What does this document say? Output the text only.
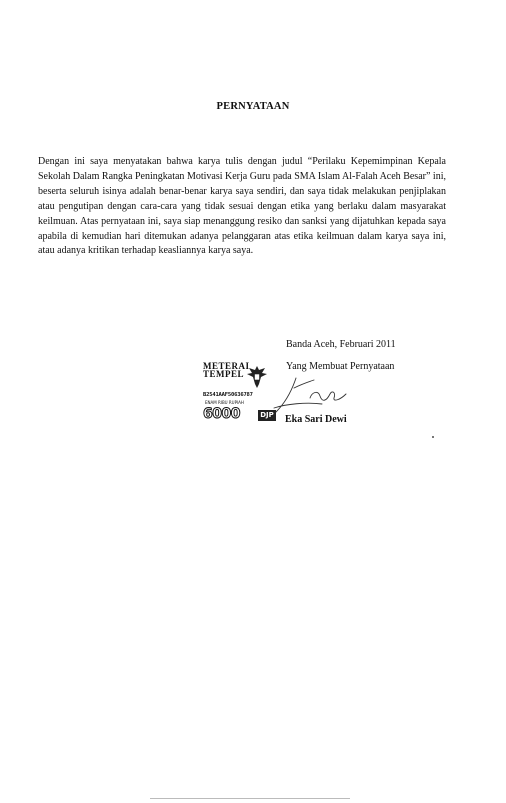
PERNYATAAN
Dengan ini saya menyatakan bahwa karya tulis dengan judul “Perilaku Kepemimpinan Kepala Sekolah Dalam Rangka Peningkatan Motivasi Kerja Guru pada SMA Islam Al-Falah Aceh Besar” ini, beserta seluruh isinya adalah benar-benar karya saya sendiri, dan saya tidak melakukan penjiplakan atau pengutipan dengan cara-cara yang tidak sesuai dengan etika yang berlaku dalam masyarakat keilmuan. Atas pernyataan ini, saya siap menanggung resiko dan sanksi yang dijatuhkan kepada saya apabila di kemudian hari ditemukan adanya pelanggaran atas etika keilmuan dalam karya saya ini, atau adanya kritikan terhadap keasliannya karya saya.
Banda Aceh, Februari 2011
Yang Membuat Pernyataan
METERAI
TEMPEL
B2541AAF50636787
ENAM RIBU RUPIAH
6000	DJP Eka Sari Dewi
